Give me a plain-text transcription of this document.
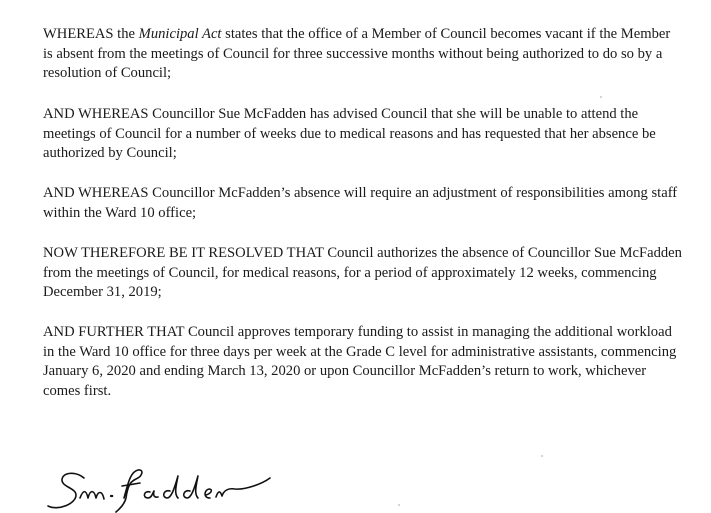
WHEREAS the Municipal Act states that the office of a Member of Council becomes vacant if the Member is absent from the meetings of Council for three successive months without being authorized to do so by a resolution of Council;

AND WHEREAS Councillor Sue McFadden has advised Council that she will be unable to attend the meetings of Council for a number of weeks due to medical reasons and has requested that her absence be authorized by Council;

AND WHEREAS Councillor McFadden’s absence will require an adjustment of responsibilities among staff within the Ward 10 office;

NOW THEREFORE BE IT RESOLVED THAT Council authorizes the absence of Councillor Sue McFadden from the meetings of Council, for medical reasons, for a period of approximately 12 weeks, commencing December 31, 2019;

AND FURTHER THAT Council approves temporary funding to assist in managing the additional workload in the Ward 10 office for three days per week at the Grade C level for administrative assistants, commencing January 6, 2020 and ending March 13, 2020 or upon Councillor McFadden’s return to work, whichever comes first.
